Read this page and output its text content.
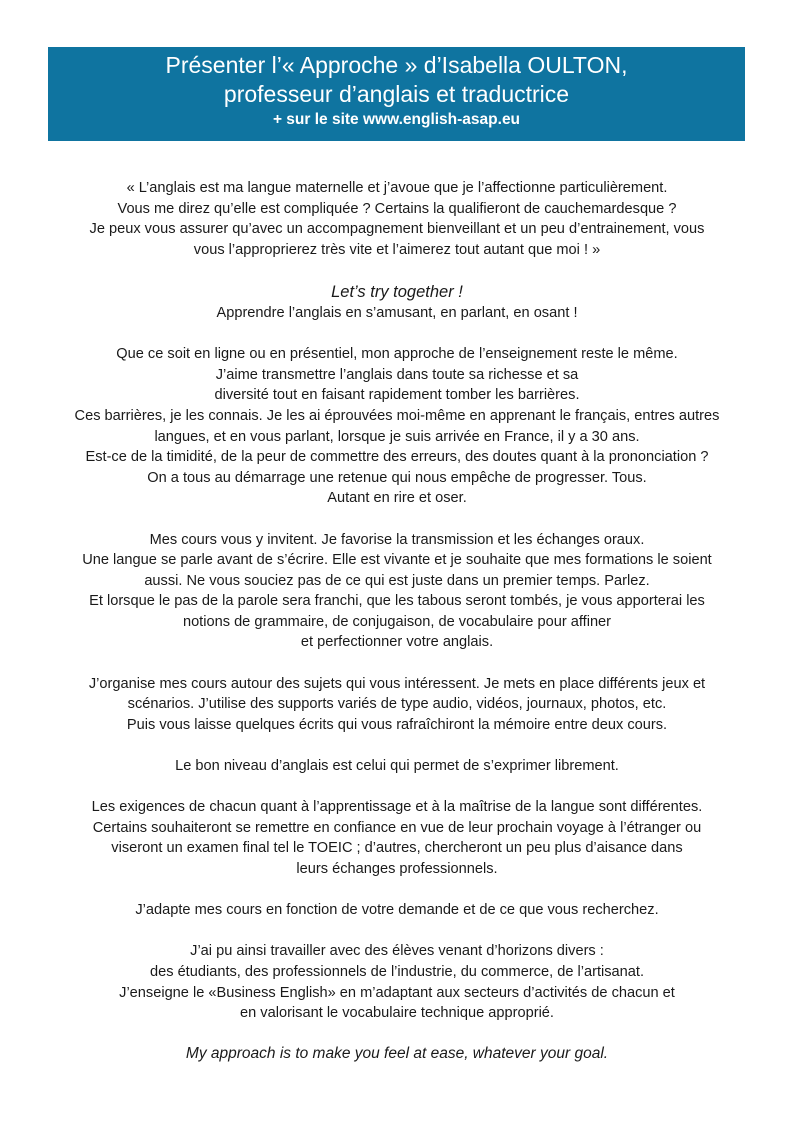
Présenter l’« Approche » d’Isabella OULTON,
professeur d’anglais et traductrice
+ sur le site www.english-asap.eu
« L’anglais est ma langue maternelle et j’avoue que je l’affectionne particulièrement.
Vous me direz qu’elle est compliquée ? Certains la qualifieront de cauchemardesque ?
Je peux vous assurer qu’avec un accompagnement bienveillant et un peu d’entrainement, vous
vous l’approprierez très vite et l’aimerez tout autant que moi ! »
Let’s try together !
Apprendre l’anglais en s’amusant, en parlant, en osant !
Que ce soit en ligne ou en présentiel, mon approche de l’enseignement reste le même.
J’aime transmettre l’anglais dans toute sa richesse et sa
diversité tout en faisant rapidement tomber les barrières.
Ces barrières, je les connais. Je les ai éprouvées moi-même en apprenant le français, entres autres
langues, et en vous parlant, lorsque je suis arrivée en France, il y a 30 ans.
Est-ce de la timidité, de la peur de commettre des erreurs, des doutes quant à la prononciation ?
On a tous au démarrage une retenue qui nous empêche de progresser. Tous.
Autant en rire et oser.
Mes cours vous y invitent. Je favorise la transmission et les échanges oraux.
Une langue se parle avant de s’écrire. Elle est vivante et je souhaite que mes formations le soient
aussi. Ne vous souciez pas de ce qui est juste dans un premier temps. Parlez.
Et lorsque le pas de la parole sera franchi, que les tabous seront tombés, je vous apporterai les
notions de grammaire, de conjugaison, de vocabulaire pour affiner
et perfectionner votre anglais.
J’organise mes cours autour des sujets qui vous intéressent. Je mets en place différents jeux et
scénarios. J’utilise des supports variés de type audio, vidéos, journaux, photos, etc.
Puis vous laisse quelques écrits qui vous rafraîchiront la mémoire entre deux cours.
Le bon niveau d’anglais est celui qui permet de s’exprimer librement.
Les exigences de chacun quant à l’apprentissage et à la maîtrise de la langue sont différentes.
Certains souhaiteront se remettre en confiance en vue de leur prochain voyage à l’étranger ou
viseront un examen final tel le TOEIC ; d’autres, chercheront un peu plus d’aisance dans
leurs échanges professionnels.
J’adapte mes cours en fonction de votre demande et de ce que vous recherchez.
J’ai pu ainsi travailler avec des élèves venant d’horizons divers :
des étudiants, des professionnels de l’industrie, du commerce, de l’artisanat.
J’enseigne le «Business English» en m’adaptant aux secteurs d’activités de chacun et
en valorisant le vocabulaire technique approprié.
My approach is to make you feel at ease, whatever your goal.
